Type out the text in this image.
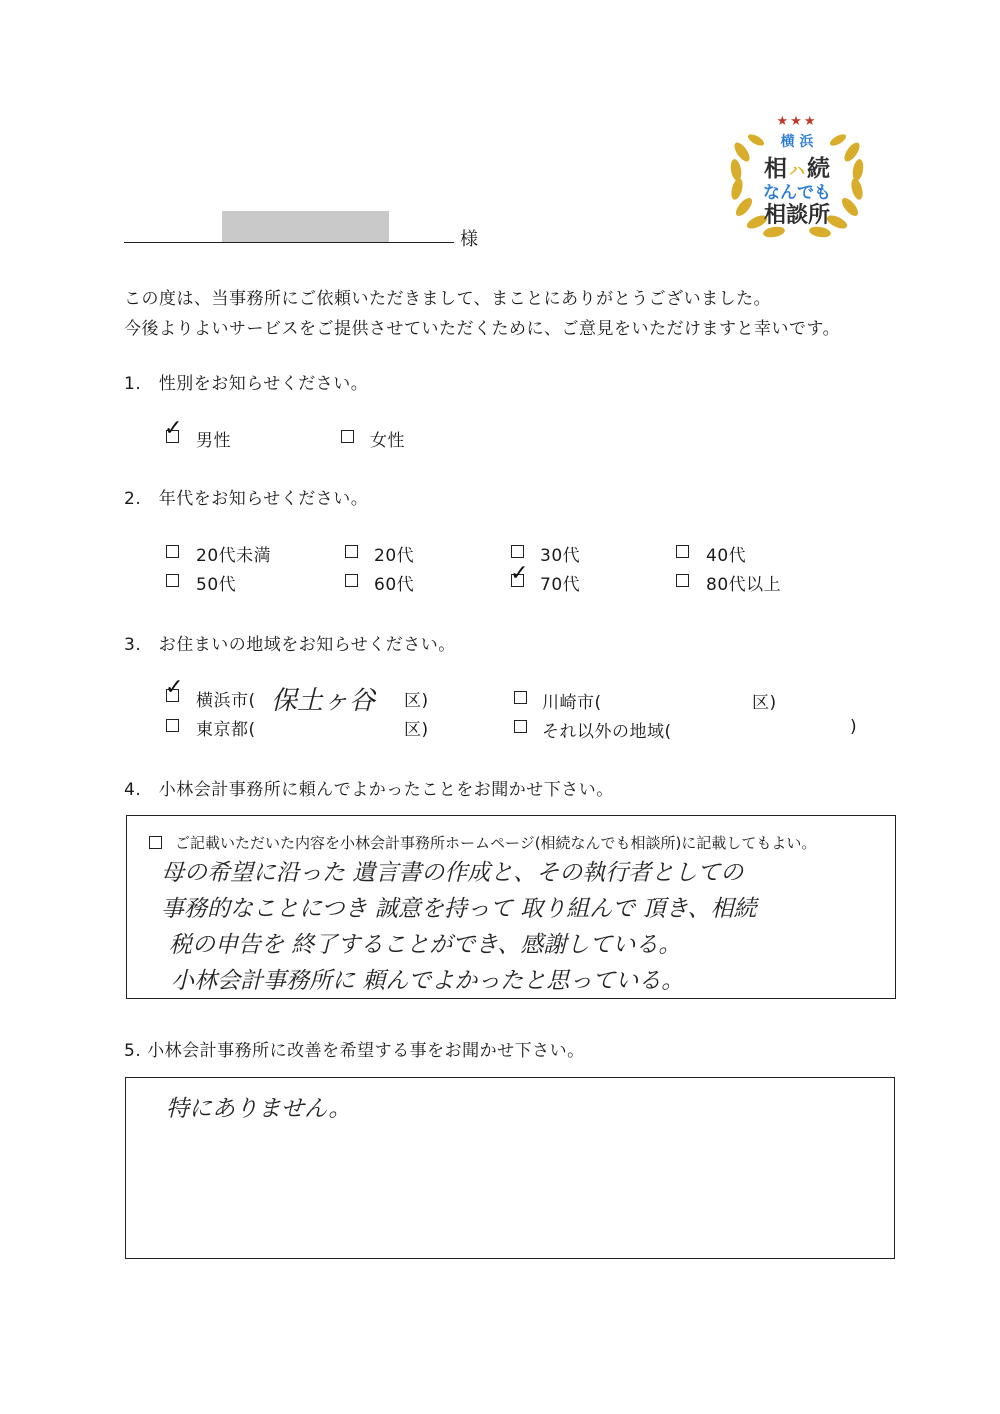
★★★
横 浜
相 ハ続
なんでも
相談所
様
この度は、当事務所にご依頼いただきまして、まことにありがとうございました。
今後よりよいサービスをご提供させていただくために、ご意見をいただけますと幸いです。
1.　性別をお知らせください。
✓ 男性	女性
2.　年代をお知らせください。
20代未満	20代	30代	40代
50代	60代	✓ 70代	80代以上
3.　お住まいの地域をお知らせください。
✓
横浜市( 保土ヶ谷 区)	川崎市(	区)
東京都(	区)	それ以外の地域(	)
4.　小林会計事務所に頼んでよかったことをお聞かせ下さい。
ご記載いただいた内容を小林会計事務所ホームページ(相続なんでも相談所)に記載してもよい。
母の希望に沿った 遺言書の作成と、その執行者としての
事務的なことにつき 誠意を持って 取り組んで 頂き、相続
税の申告を 終了することができ、感謝している。
小林会計事務所に 頼んでよかったと思っている。
5. 小林会計事務所に改善を希望する事をお聞かせ下さい。
特にありません。
